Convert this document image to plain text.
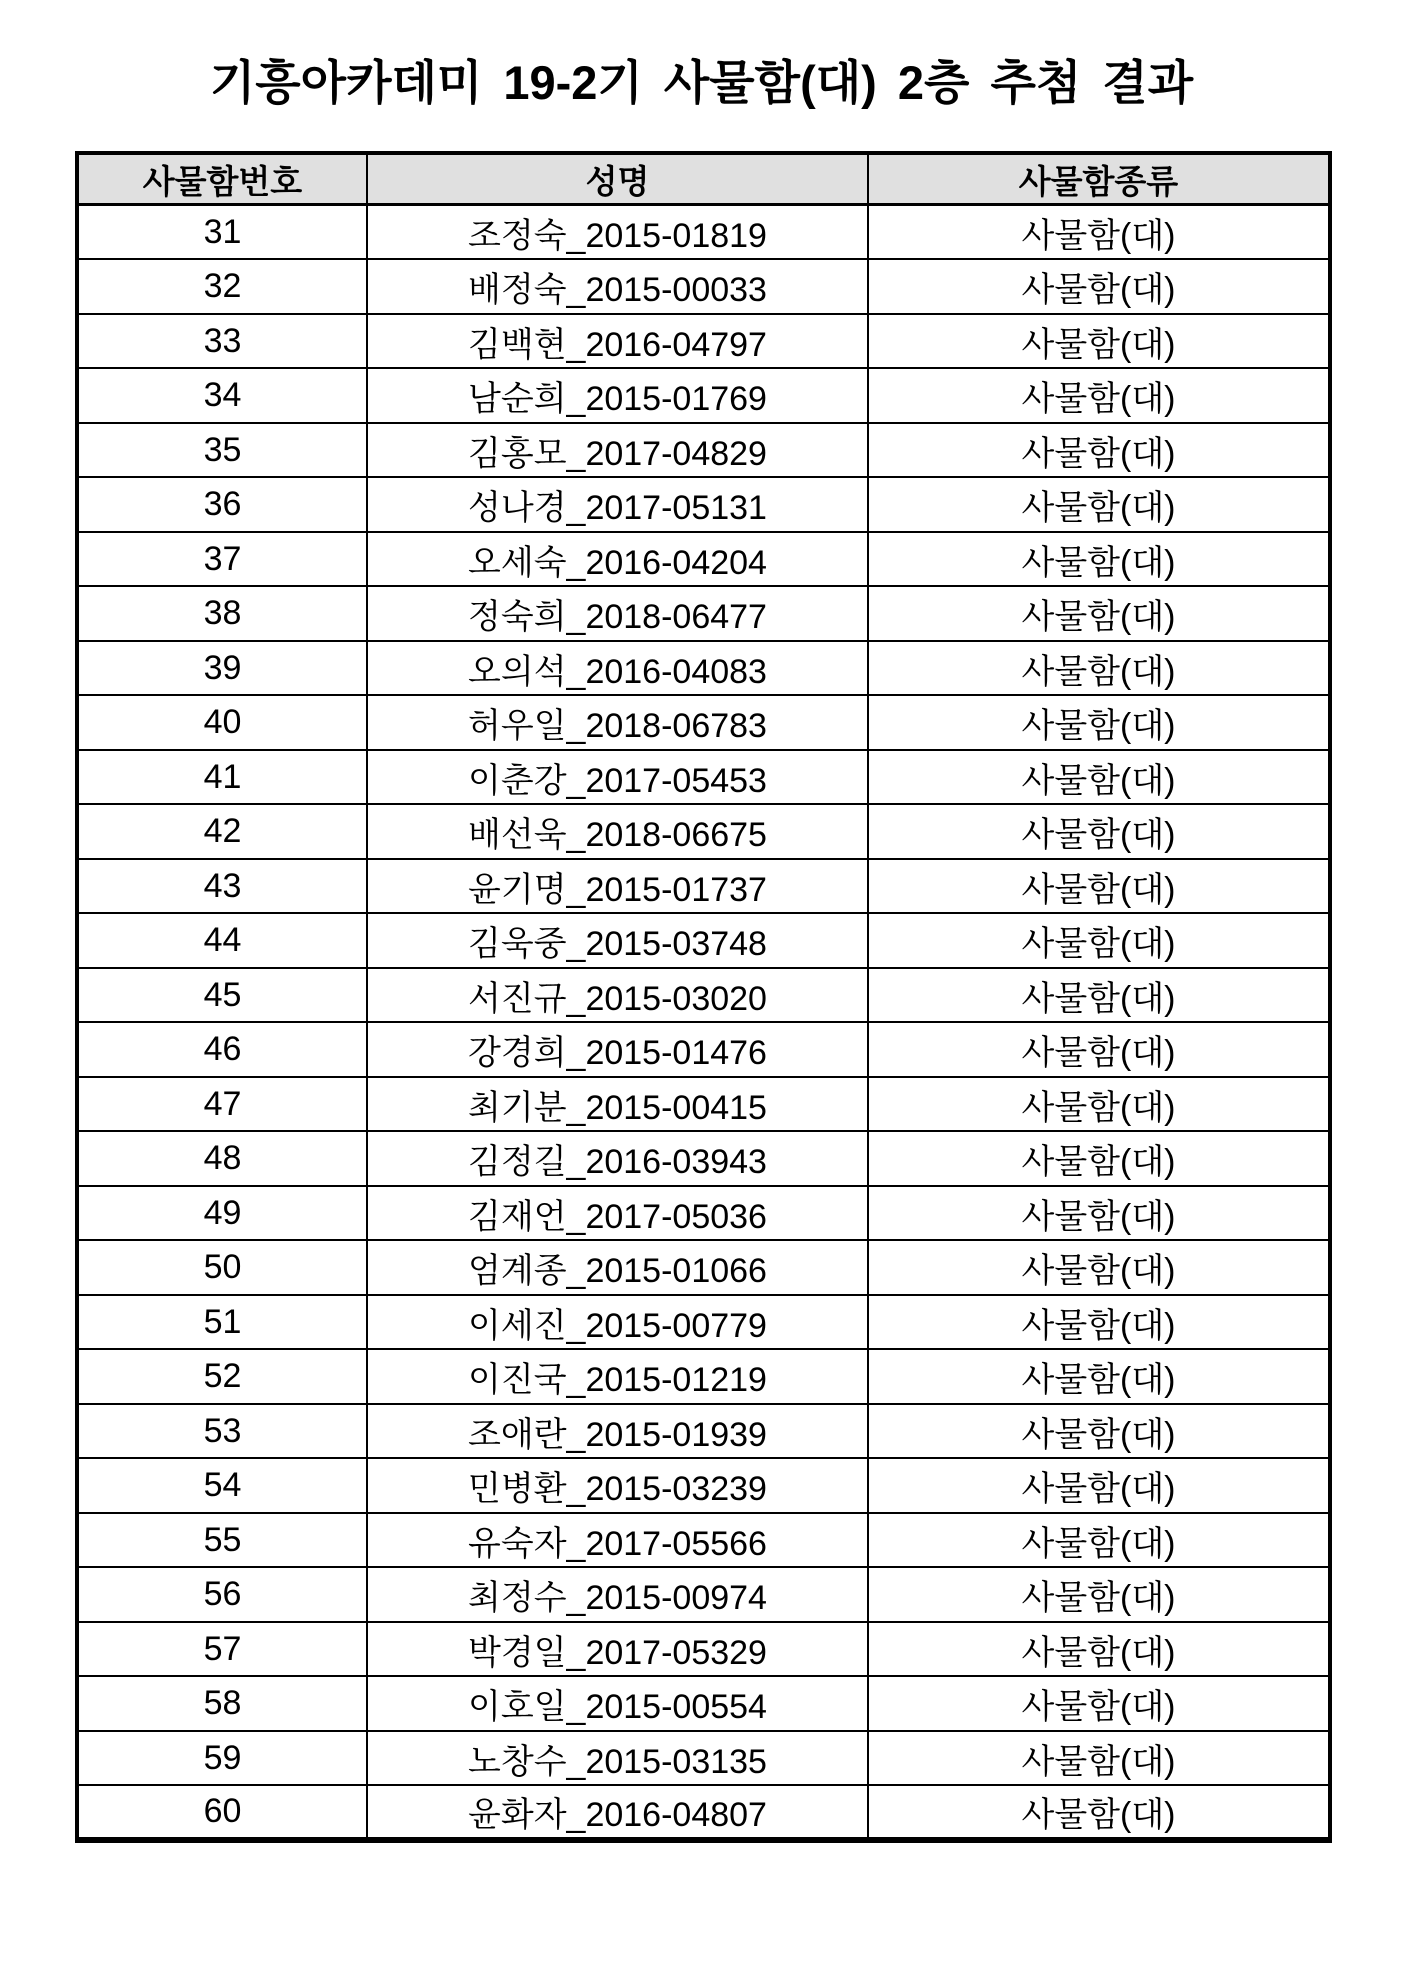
기흥아카데미 19-2기 사물함(대) 2층 추첨 결과
사물함번호	성명	사물함종류
31	조정숙_2015-01819	사물함(대)
32	배정숙_2015-00033	사물함(대)
33	김백현_2016-04797	사물함(대)
34	남순희_2015-01769	사물함(대)
35	김홍모_2017-04829	사물함(대)
36	성나경_2017-05131	사물함(대)
37	오세숙_2016-04204	사물함(대)
38	정숙희_2018-06477	사물함(대)
39	오의석_2016-04083	사물함(대)
40	허우일_2018-06783	사물함(대)
41	이춘강_2017-05453	사물함(대)
42	배선욱_2018-06675	사물함(대)
43	윤기명_2015-01737	사물함(대)
44	김욱중_2015-03748	사물함(대)
45	서진규_2015-03020	사물함(대)
46	강경희_2015-01476	사물함(대)
47	최기분_2015-00415	사물함(대)
48	김정길_2016-03943	사물함(대)
49	김재언_2017-05036	사물함(대)
50	엄계종_2015-01066	사물함(대)
51	이세진_2015-00779	사물함(대)
52	이진국_2015-01219	사물함(대)
53	조애란_2015-01939	사물함(대)
54	민병환_2015-03239	사물함(대)
55	유숙자_2017-05566	사물함(대)
56	최정수_2015-00974	사물함(대)
57	박경일_2017-05329	사물함(대)
58	이호일_2015-00554	사물함(대)
59	노창수_2015-03135	사물함(대)
60	윤화자_2016-04807	사물함(대)
